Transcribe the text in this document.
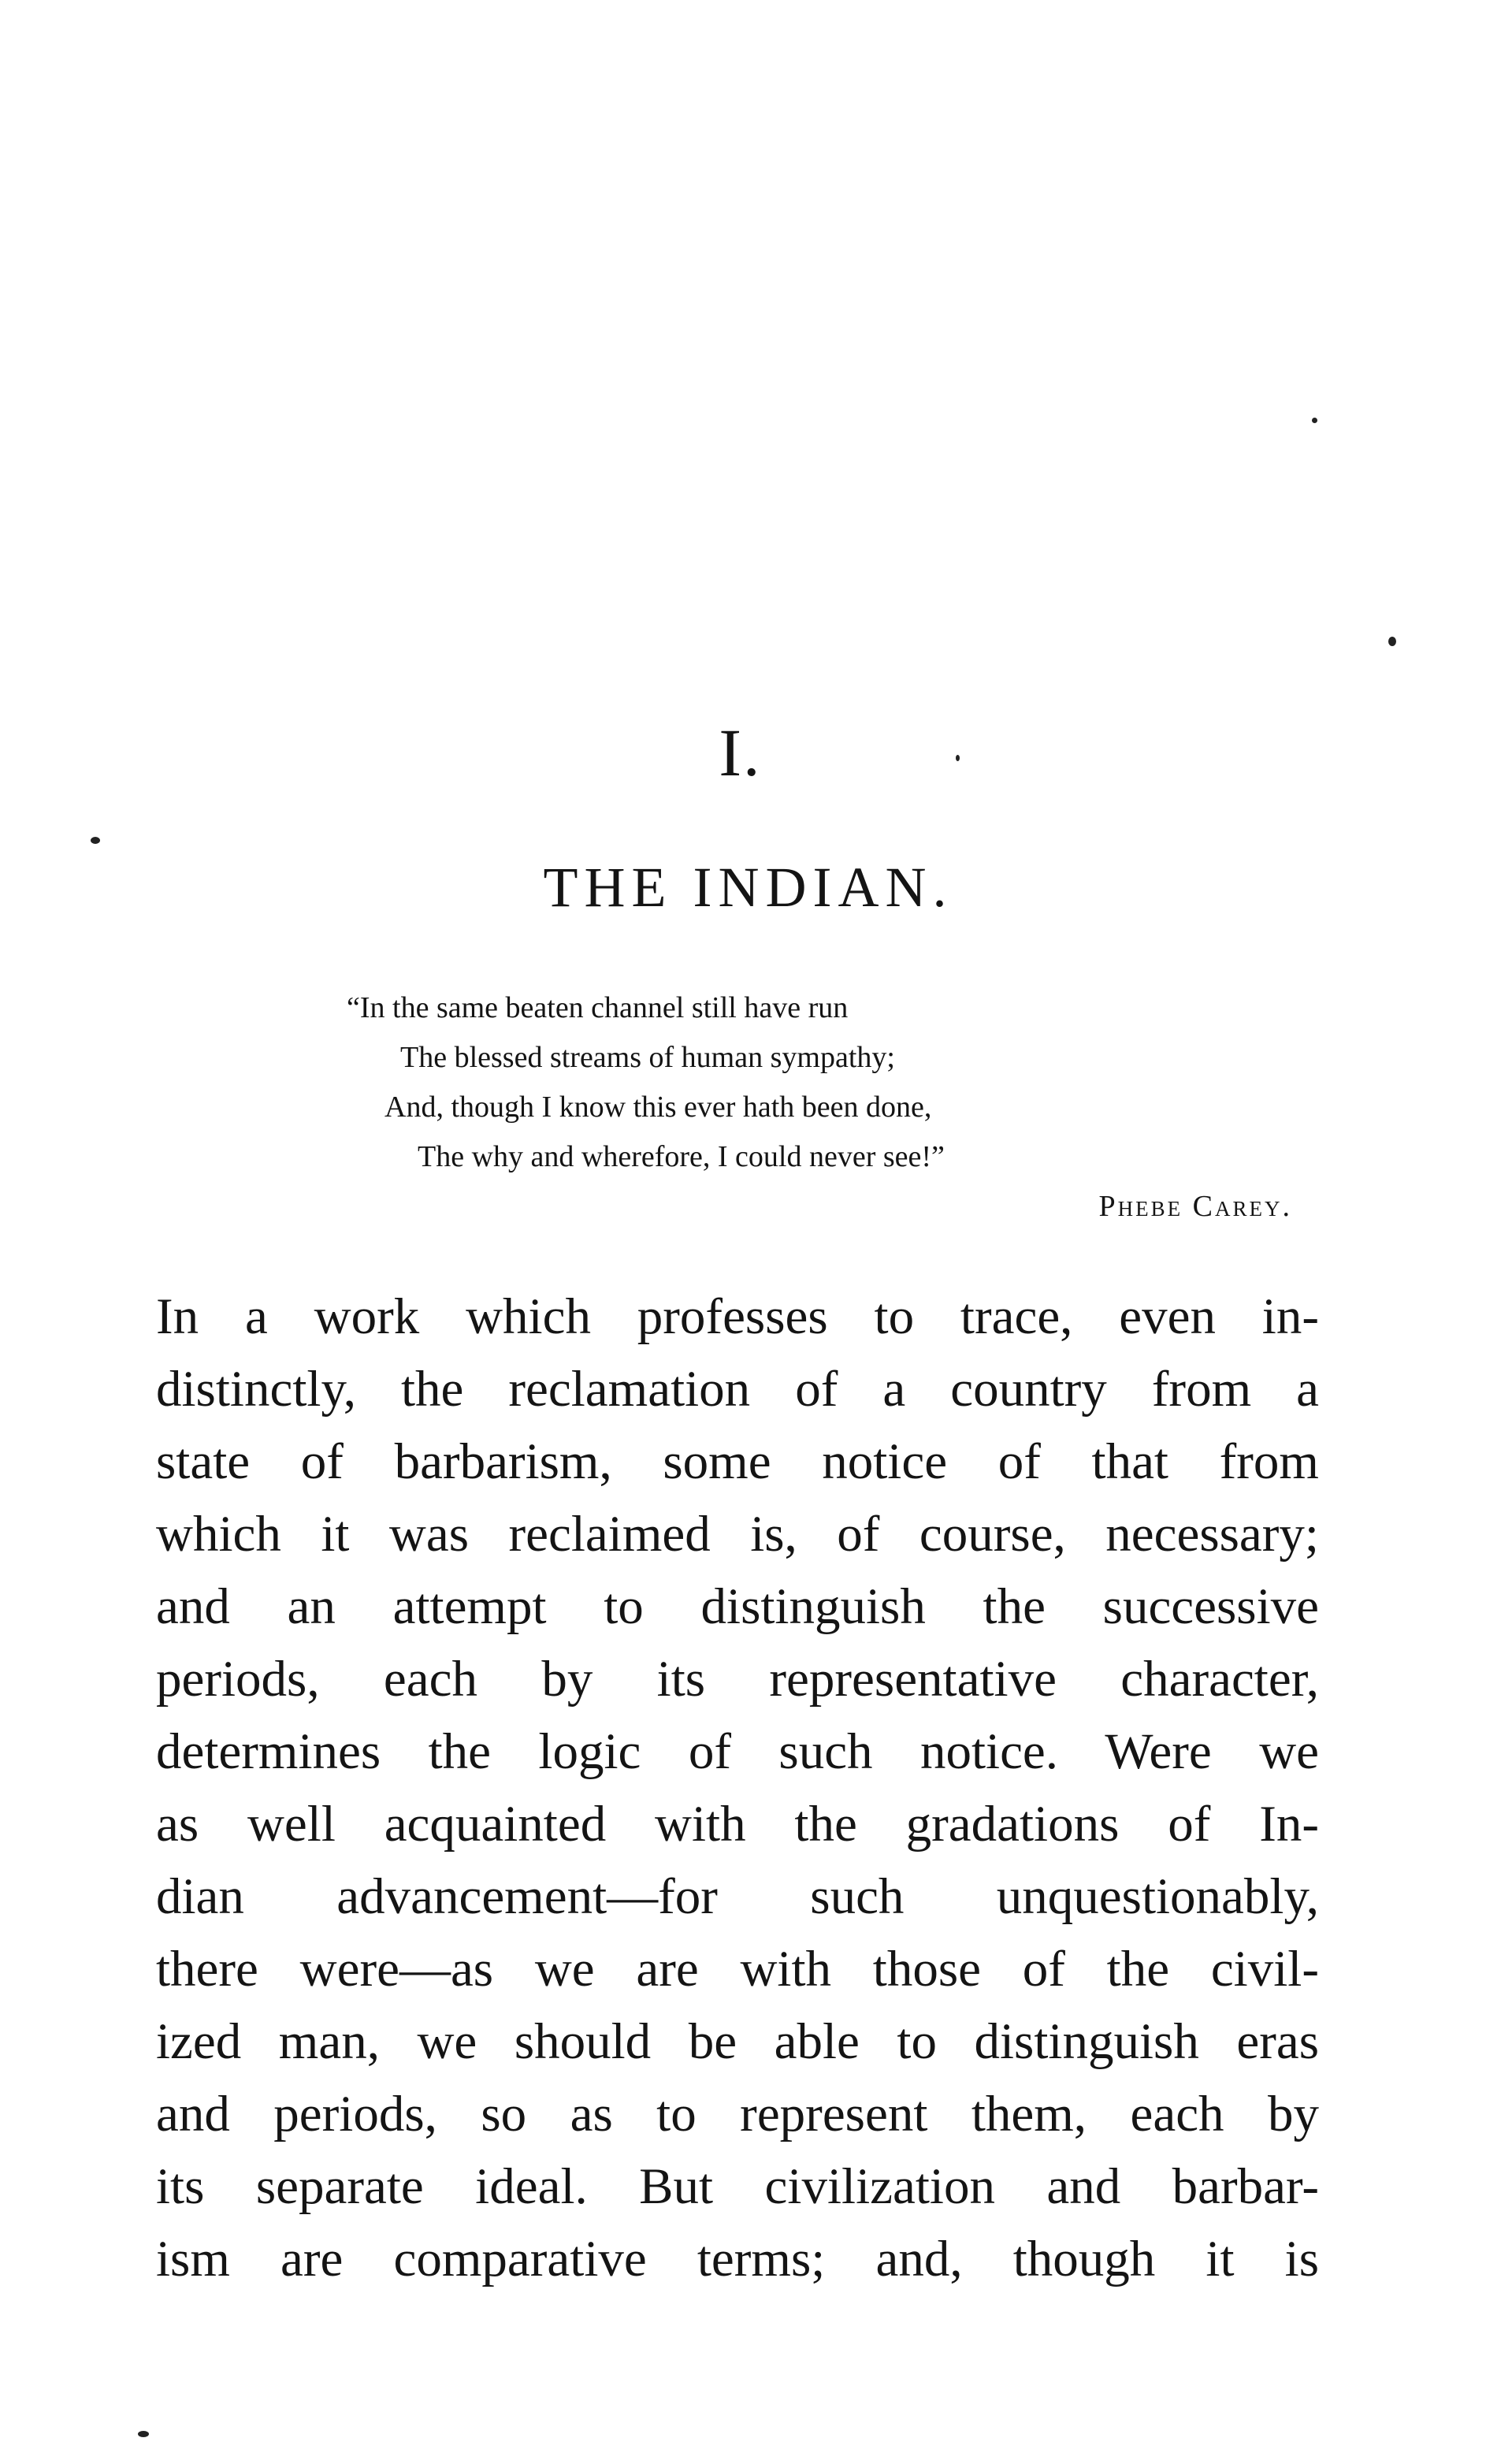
I.
THE INDIAN.
“In the same beaten channel still have run
The blessed streams of human sympathy;
And, though I know this ever hath been done,
The why and wherefore, I could never see!”
Phebe Carey.
In a work which professes to trace, even in-
distinctly, the reclamation of a country from a
state of barbarism, some notice of that from
which it was reclaimed is, of course, necessary;
and an attempt to distinguish the successive
periods, each by its representative character,
determines the logic of such notice. Were we
as well acquainted with the gradations of In-
dian advancement—for such unquestionably,
there were—as we are with those of the civil-
ized man, we should be able to distinguish eras
and periods, so as to represent them, each by
its separate ideal. But civilization and barbar-
ism are comparative terms; and, though it is
